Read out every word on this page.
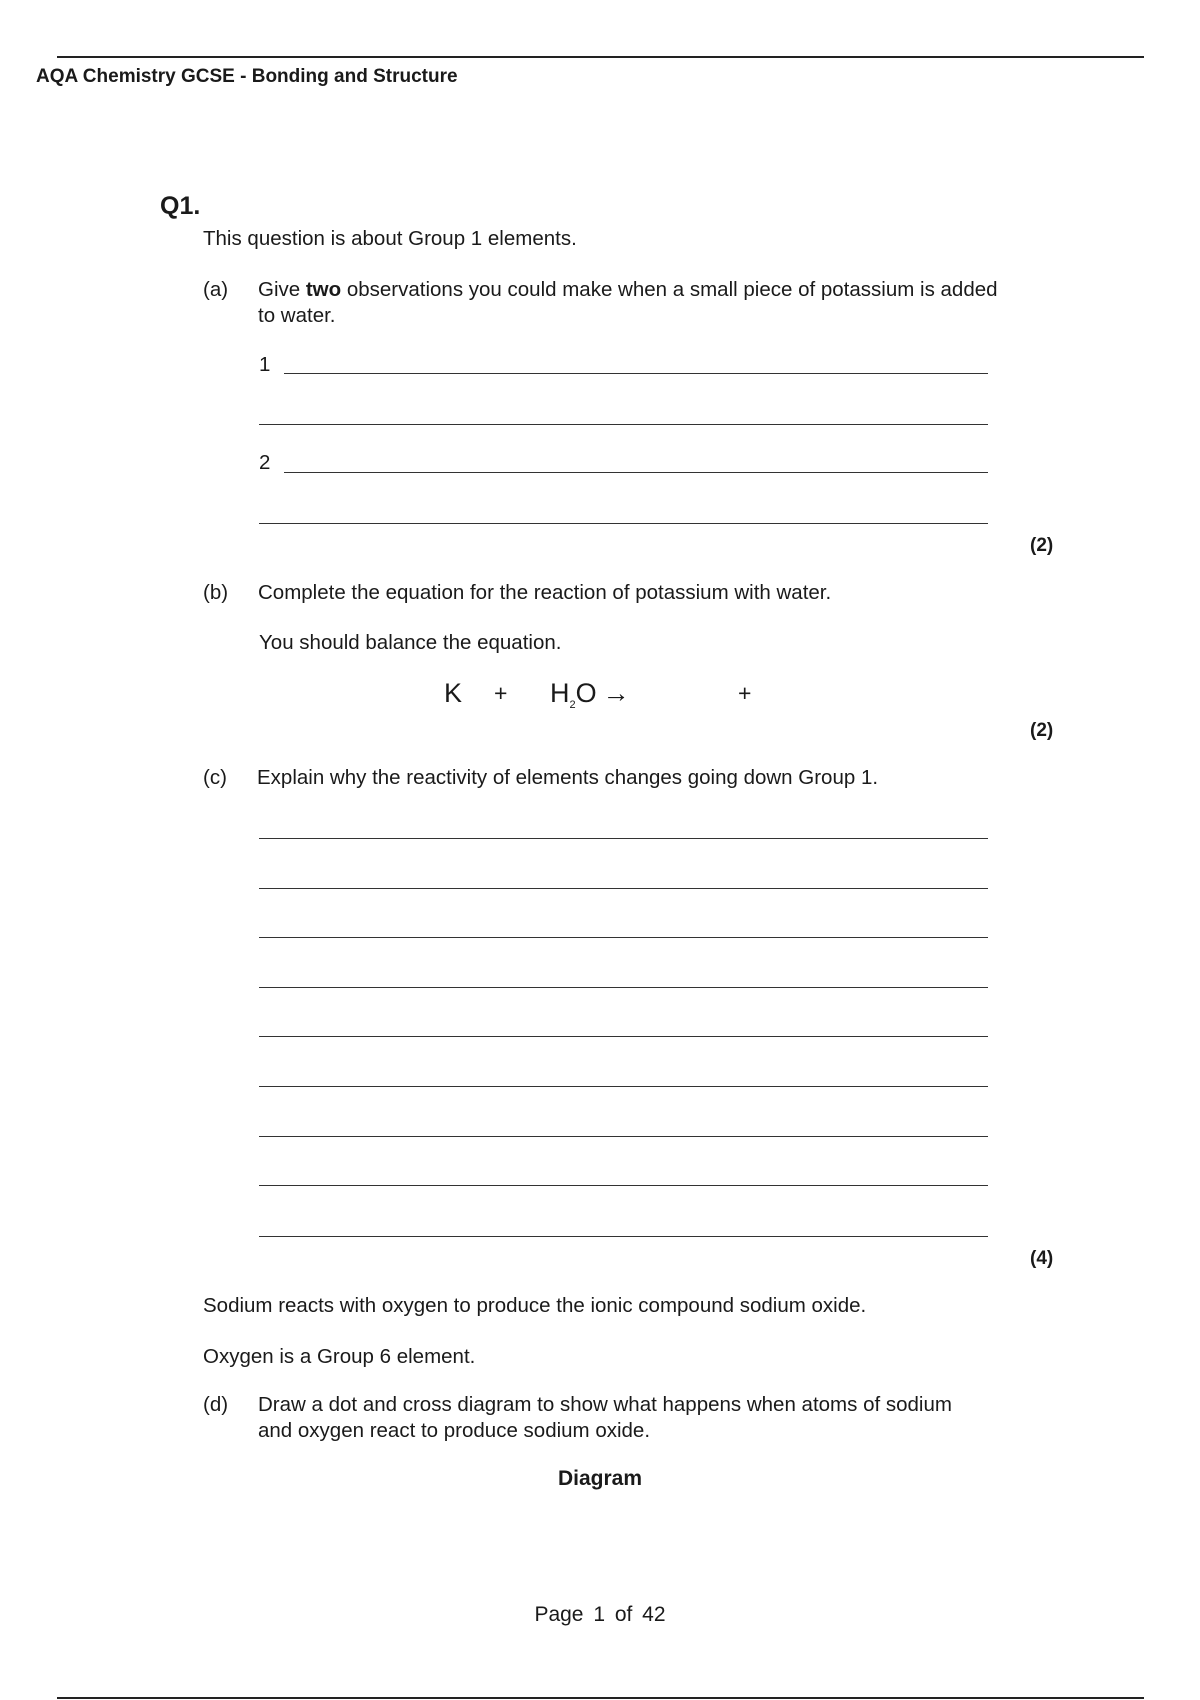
AQA Chemistry GCSE - Bonding and Structure
Q1.
This question is about Group 1 elements.
(a) Give two observations you could make when a small piece of potassium is added to water.
1
2
(2)
(b) Complete the equation for the reaction of potassium with water.
You should balance the equation.
$K + H_2O$ →	+
(2)
(c) Explain why the reactivity of elements changes going down Group 1.
(4)
Sodium reacts with oxygen to produce the ionic compound sodium oxide.
Oxygen is a Group 6 element.
(d) Draw a dot and cross diagram to show what happens when atoms of sodium and oxygen react to produce sodium oxide.
Diagram
Page 1 of 42
